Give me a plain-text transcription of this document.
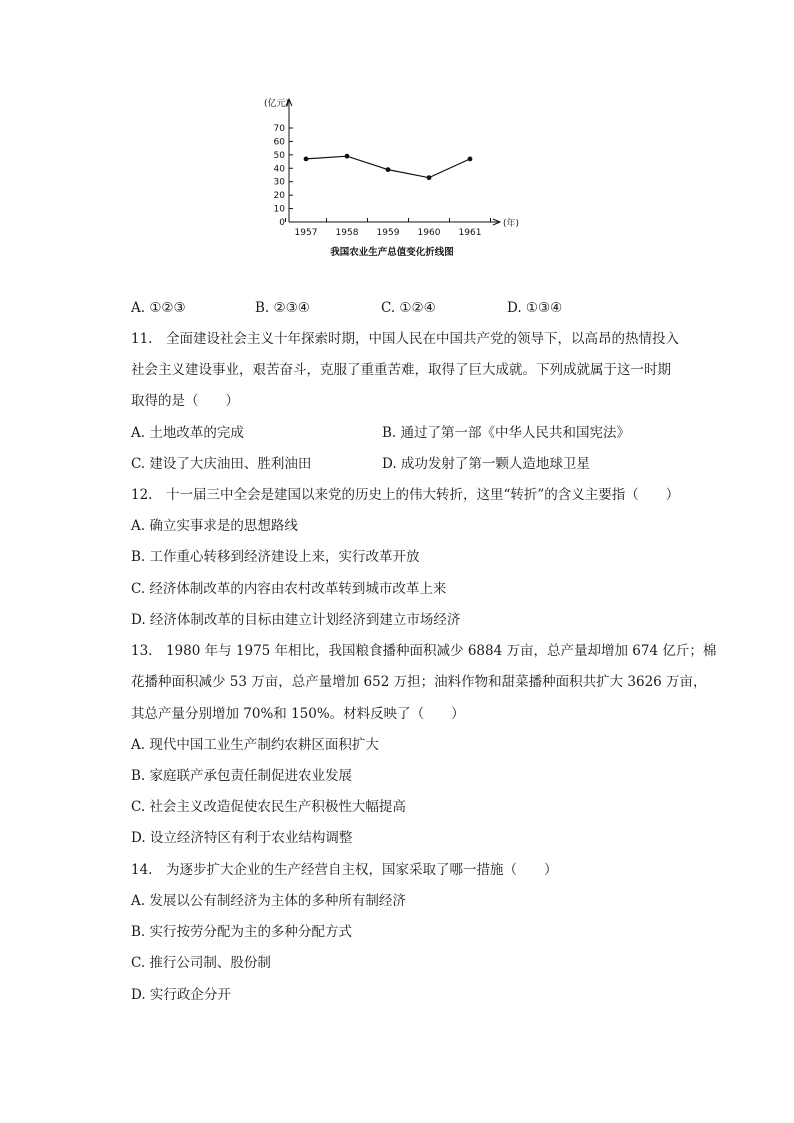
0
10
20
30
40
50
60
70
1957 1958 1959 1960 1961
(亿元)
(年)
我国农业生产总值变化折线图
A. ①②③	B. ②③④	C. ①②④	D. ①③④
11.　全面建设社会主义十年探索时期，中国人民在中国共产党的领导下，以高昂的热情投入
社会主义建设事业，艰苦奋斗，克服了重重苦难，取得了巨大成就。下列成就属于这一时期
取得的是（　　）
A. 土地改革的完成	B. 通过了第一部《中华人民共和国宪法》
C. 建设了大庆油田、胜利油田	D. 成功发射了第一颗人造地球卫星
12.　十一届三中全会是建国以来党的历史上的伟大转折，这里“转折”的含义主要指（　　）
A. 确立实事求是的思想路线
B. 工作重心转移到经济建设上来，实行改革开放
C. 经济体制改革的内容由农村改革转到城市改革上来
D. 经济体制改革的目标由建立计划经济到建立市场经济
13.　1980 年与 1975 年相比，我国粮食播种面积减少 6884 万亩，总产量却增加 674 亿斤；棉
花播种面积减少 53 万亩，总产量增加 652 万担；油料作物和甜菜播种面积共扩大 3626 万亩，
其总产量分别增加 70%和 150%。材料反映了（　　）
A. 现代中国工业生产制约农耕区面积扩大
B. 家庭联产承包责任制促进农业发展
C. 社会主义改造促使农民生产积极性大幅提高
D. 设立经济特区有利于农业结构调整
14.　为逐步扩大企业的生产经营自主权，国家采取了哪一措施（　　）
A. 发展以公有制经济为主体的多种所有制经济
B. 实行按劳分配为主的多种分配方式
C. 推行公司制、股份制
D. 实行政企分开
